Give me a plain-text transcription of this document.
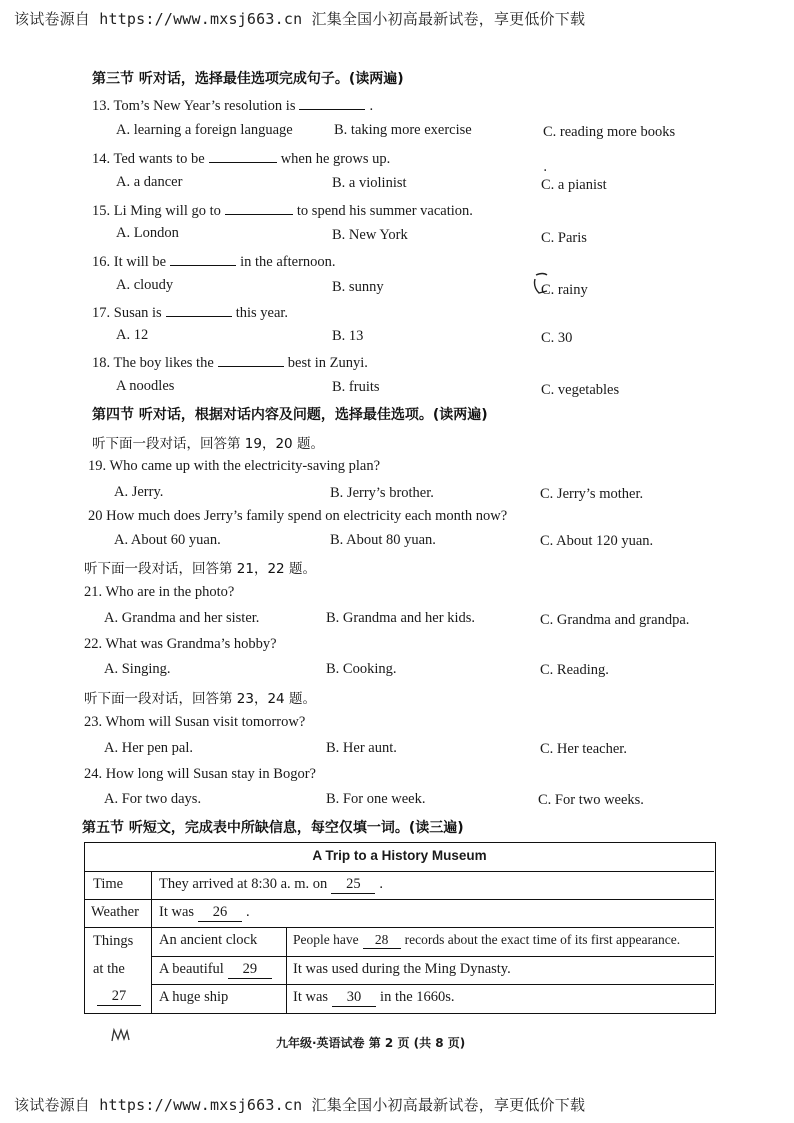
该试卷源自 https://www.mxsj663.cn 汇集全国小初高最新试卷，享更低价下载
第三节 听对话，选择最佳选项完成句子。(读两遍)
13. Tom’s New Year’s resolution is	.
A. learning a foreign language	B. taking more exercise	C. reading more books
14. Ted wants to be	when he grows up.
A. a dancer	B. a violinist	C. a pianist
·
15. Li Ming will go to	to spend his summer vacation.
A. London	B. New York	C. Paris
16. It will be	in the afternoon.
A. cloudy	B. sunny	C. rainy
17. Susan is	this year.
A. 12	B. 13	C. 30
18. The boy likes the	best in Zunyi.
A noodles	B. fruits	C. vegetables
第四节 听对话，根据对话内容及问题，选择最佳选项。(读两遍)
听下面一段对话，回答第 19，20 题。
19. Who came up with the electricity-saving plan?
A. Jerry.	B. Jerry’s brother.	C. Jerry’s mother.
20 How much does Jerry’s family spend on electricity each month now?
A. About 60 yuan.	B. About 80 yuan.	C. About 120 yuan.
听下面一段对话，回答第 21，22 题。
21. Who are in the photo?
A. Grandma and her sister.	B. Grandma and her kids.	C. Grandma and grandpa.
22. What was Grandma’s hobby?
A. Singing.	B. Cooking.	C. Reading.
听下面一段对话，回答第 23，24 题。
23. Whom will Susan visit tomorrow?
A. Her pen pal.	B. Her aunt.	C. Her teacher.
24. How long will Susan stay in Bogor?
A. For two days.	B. For one week.	C. For two weeks.
第五节 听短文，完成表中所缺信息，每空仅填一词。(读三遍)
A Trip to a History Museum
Time They arrived at 8:30 a. m. on 25 .
Weather It was 26 .
Things
at the
27
An ancient clock	People have 28 records about the exact time of its first appearance.
A beautiful 29	It was used during the Ming Dynasty.
A huge ship	It was 30 in the 1660s.
九年级·英语试卷 第 2 页 (共 8 页)
该试卷源自 https://www.mxsj663.cn 汇集全国小初高最新试卷，享更低价下载
